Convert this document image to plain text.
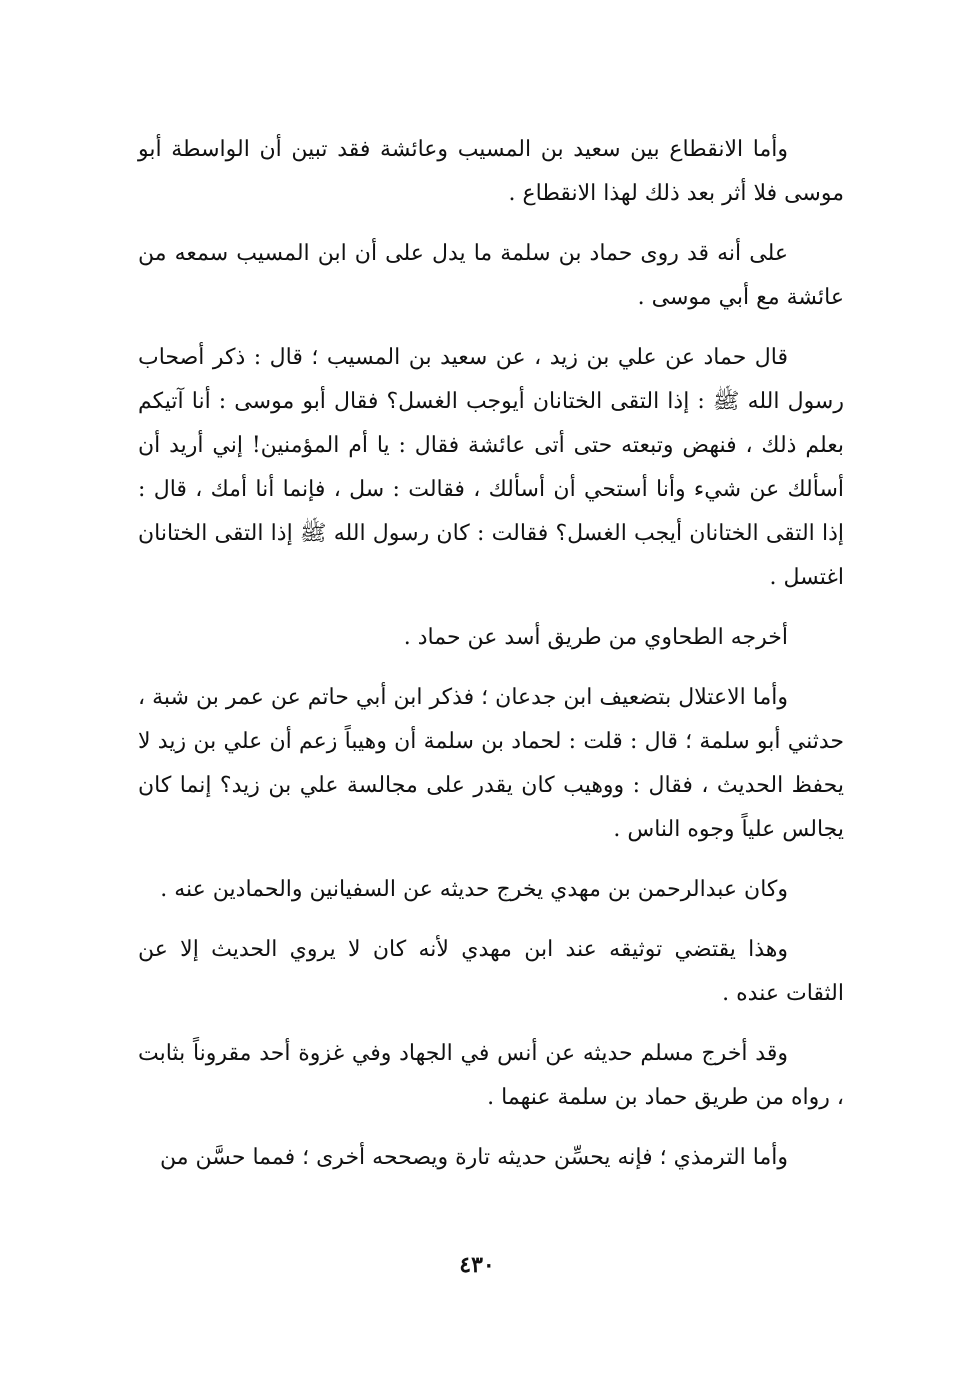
وأما الانقطاع بين سعيد بن المسيب وعائشة فقد تبين أن الواسطة أبو موسى فلا أثر بعد ذلك لهذا الانقطاع .

على أنه قد روى حماد بن سلمة ما يدل على أن ابن المسيب سمعه من عائشة مع أبي موسى .

قال حماد عن علي بن زيد ، عن سعيد بن المسيب ؛ قال : ذكر أصحاب رسول الله ﷺ : إذا التقى الختانان أيوجب الغسل؟ فقال أبو موسى : أنا آتيكم بعلم ذلك ، فنهض وتبعته حتى أتى عائشة فقال : يا أم المؤمنين! إني أريد أن أسألك عن شيء وأنا أستحي أن أسألك ، فقالت : سل ، فإنما أنا أمك ، قال : إذا التقى الختانان أيجب الغسل؟ فقالت : كان رسول الله ﷺ إذا التقى الختانان اغتسل .

أخرجه الطحاوي من طريق أسد عن حماد .

وأما الاعتلال بتضعيف ابن جدعان ؛ فذكر ابن أبي حاتم عن عمر بن شبة ، حدثني أبو سلمة ؛ قال : قلت : لحماد بن سلمة أن وهيباً زعم أن علي بن زيد لا يحفظ الحديث ، فقال : ووهيب كان يقدر على مجالسة علي بن زيد؟ إنما كان يجالس علياً وجوه الناس .

وكان عبدالرحمن بن مهدي يخرج حديثه عن السفيانين والحمادين عنه .

وهذا يقتضي توثيقه عند ابن مهدي لأنه كان لا يروي الحديث إلا عن الثقات عنده .

وقد أخرج مسلم حديثه عن أنس في الجهاد وفي غزوة أحد مقروناً بثابت ، رواه من طريق حماد بن سلمة عنهما .

وأما الترمذي ؛ فإنه يحسِّن حديثه تارة ويصححه أخرى ؛ فمما حسَّن من

٤٣٠
